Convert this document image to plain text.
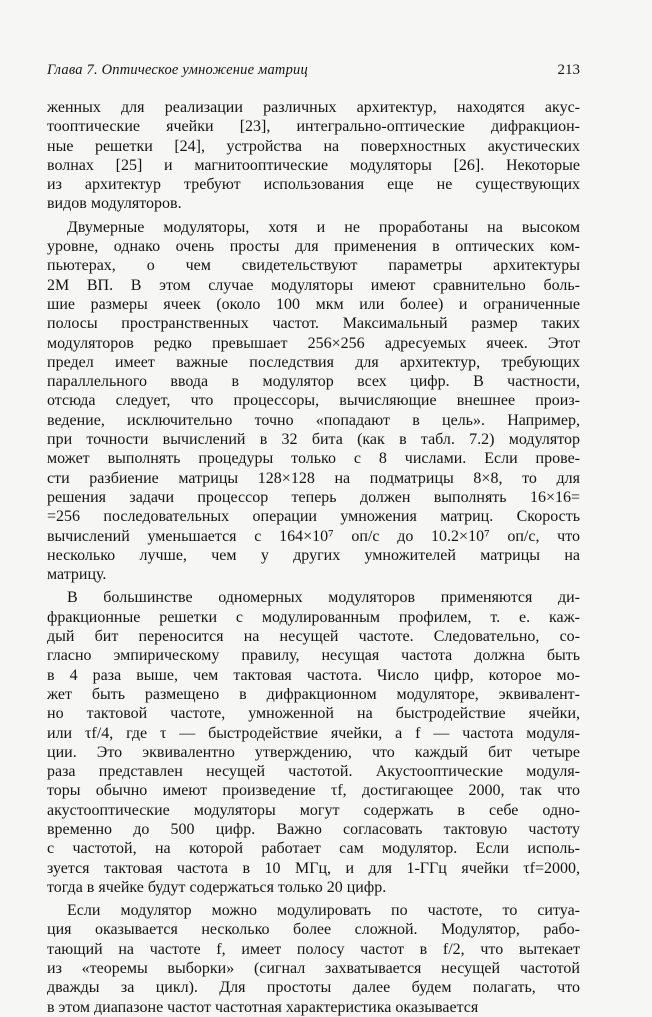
Глава 7. Оптическое умножение матриц	213

женных для реализации различных архитектур, находятся акус-
тооптические ячейки [23], интегрально-оптические дифракцион-
ные решетки [24], устройства на поверхностных акустических
волнах [25] и магнитооптические модуляторы [26]. Некоторые
из архитектур требуют использования еще не существующих
видов модуляторов.

Двумерные модуляторы, хотя и не проработаны на высоком
уровне, однако очень просты для применения в оптических ком-
пьютерах, о чем свидетельствуют параметры архитектуры
2М ВП. В этом случае модуляторы имеют сравнительно боль-
шие размеры ячеек (около 100 мкм или более) и ограниченные
полосы пространственных частот. Максимальный размер таких
модуляторов редко превышает 256×256 адресуемых ячеек. Этот
предел имеет важные последствия для архитектур, требующих
параллельного ввода в модулятор всех цифр. В частности,
отсюда следует, что процессоры, вычисляющие внешнее произ-
ведение, исключительно точно «попадают в цель». Например,
при точности вычислений в 32 бита (как в табл. 7.2) модулятор
может выполнять процедуры только с 8 числами. Если прове-
сти разбиение матрицы 128×128 на подматрицы 8×8, то для
решения задачи процессор теперь должен выполнять 16×16=
=256 последовательных операции умножения матриц. Скорость
вычислений уменьшается с 164×10⁷ оп/с до 10.2×10⁷ оп/с, что
несколько лучше, чем у других умножителей матрицы на
матрицу.

В большинстве одномерных модуляторов применяются ди-
фракционные решетки с модулированным профилем, т. е. каж-
дый бит переносится на несущей частоте. Следовательно, со-
гласно эмпирическому правилу, несущая частота должна быть
в 4 раза выше, чем тактовая частота. Число цифр, которое мо-
жет быть размещено в дифракционном модуляторе, эквивалент-
но тактовой частоте, умноженной на быстродействие ячейки,
или τf/4, где τ — быстродействие ячейки, а f — частота модуля-
ции. Это эквивалентно утверждению, что каждый бит четыре
раза представлен несущей частотой. Акустооптические модуля-
торы обычно имеют произведение τf, достигающее 2000, так что
акустооптические модуляторы могут содержать в себе одно-
временно до 500 цифр. Важно согласовать тактовую частоту
с частотой, на которой работает сам модулятор. Если исполь-
зуется тактовая частота в 10 МГц, и для 1-ГГц ячейки τf=2000,
тогда в ячейке будут содержаться только 20 цифр.

Если модулятор можно модулировать по частоте, то ситуа-
ция оказывается несколько более сложной. Модулятор, рабо-
тающий на частоте f, имеет полосу частот в f/2, что вытекает
из «теоремы выборки» (сигнал захватывается несущей частотой
дважды за цикл). Для простоты далее будем полагать, что
в этом диапазоне частот частотная характеристика оказывается
